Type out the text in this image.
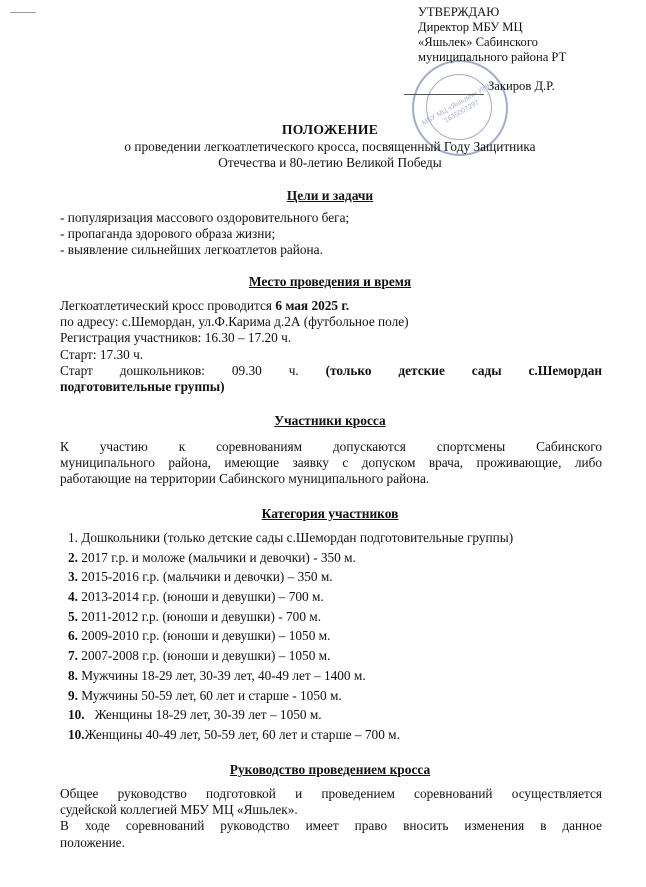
МБУ МЦ «Яшьлек» ИНН 1635007297
УТВЕРЖДАЮ
Директор МБУ МЦ
«Яшьлек» Сабинского
муниципального района РТ
Закиров Д.Р.
ПОЛОЖЕНИЕ
о проведении легкоатлетического кросса, посвященный Году Защитника
Отечества и 80-летию Великой Победы
Цели и задачи

- популяризация массового оздоровительного бега;

- пропаганда здорового образа жизни;

- выявление сильнейших легкоатлетов района.

Место проведения и время

Легкоатлетический кросс проводится 6 мая 2025 г.

по адресу: с.Шемордан, ул.Ф.Карима д.2А (футбольное поле)

Регистрация участников: 16.30 – 17.20 ч.

Старт: 17.30 ч.

Старт дошкольников: 09.30 ч. (только детские сады с.Шемордан

подготовительные группы)

Участники кросса

К участию к соревнованиям допускаются спортсмены Сабинского

муниципального района, имеющие заявку с допуском врача, проживающие, либо

работающие на территории Сабинского муниципального района.

Категория участников
1. Дошкольники (только детские сады с.Шемордан подготовительные группы)
2. 2017 г.р. и моложе (мальчики и девочки) - 350 м.
3. 2015-2016 г.р. (мальчики и девочки) – 350 м.
4. 2013-2014 г.р. (юноши и девушки) – 700 м.
5. 2011-2012 г.р. (юноши и девушки) - 700 м.
6. 2009-2010 г.р. (юноши и девушки) – 1050 м.
7. 2007-2008 г.р. (юноши и девушки) – 1050 м.
8. Мужчины 18-29 лет, 30-39 лет, 40-49 лет – 1400 м.
9. Мужчины 50-59 лет, 60 лет и старше - 1050 м.
10.   Женщины 18-29 лет, 30-39 лет – 1050 м.
10.Женщины 40-49 лет, 50-59 лет, 60 лет и старше – 700 м.
Руководство проведением кросса

Общее руководство подготовкой и проведением соревнований осуществляется

судейской коллегией МБУ МЦ «Яшьлек».

В ходе соревнований руководство имеет право вносить изменения в данное

положение.
